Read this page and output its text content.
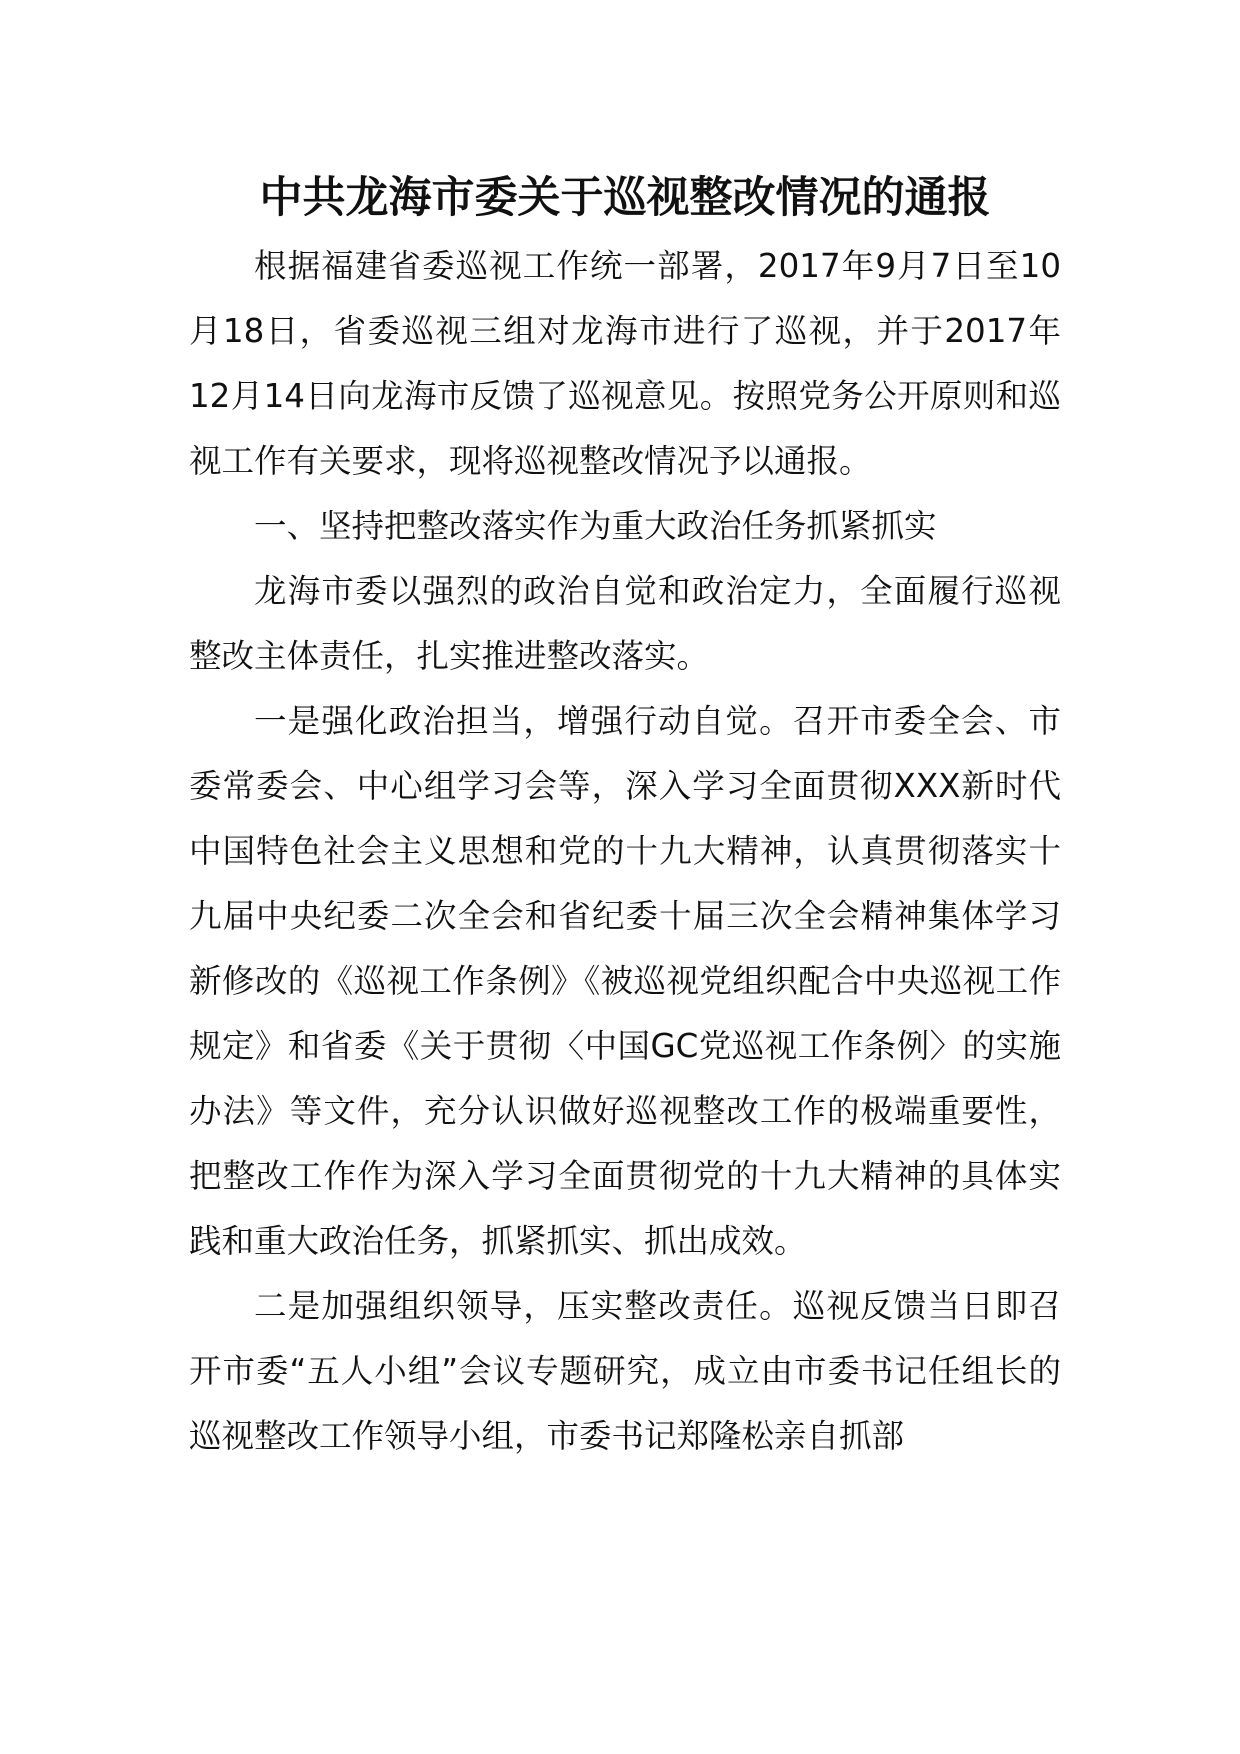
中共龙海市委关于巡视整改情况的通报

根据福建省委巡视工作统一部署，2017年9月7日至10月18日，省委巡视三组对龙海市进行了巡视，并于2017年12月14日向龙海市反馈了巡视意见。按照党务公开原则和巡视工作有关要求，现将巡视整改情况予以通报。

一、坚持把整改落实作为重大政治任务抓紧抓实

龙海市委以强烈的政治自觉和政治定力，全面履行巡视整改主体责任，扎实推进整改落实。

一是强化政治担当，增强行动自觉。召开市委全会、市委常委会、中心组学习会等，深入学习全面贯彻XXX新时代中国特色社会主义思想和党的十九大精神，认真贯彻落实十九届中央纪委二次全会和省纪委十届三次全会精神集体学习新修改的《巡视工作条例》《被巡视党组织配合中央巡视工作规定》和省委《关于贯彻〈中国GC党巡视工作条例〉的实施办法》等文件，充分认识做好巡视整改工作的极端重要性，把整改工作作为深入学习全面贯彻党的十九大精神的具体实践和重大政治任务，抓紧抓实、抓出成效。

二是加强组织领导，压实整改责任。巡视反馈当日即召开市委“五人小组”会议专题研究，成立由市委书记任组长的巡视整改工作领导小组，市委书记郑隆松亲自抓部
